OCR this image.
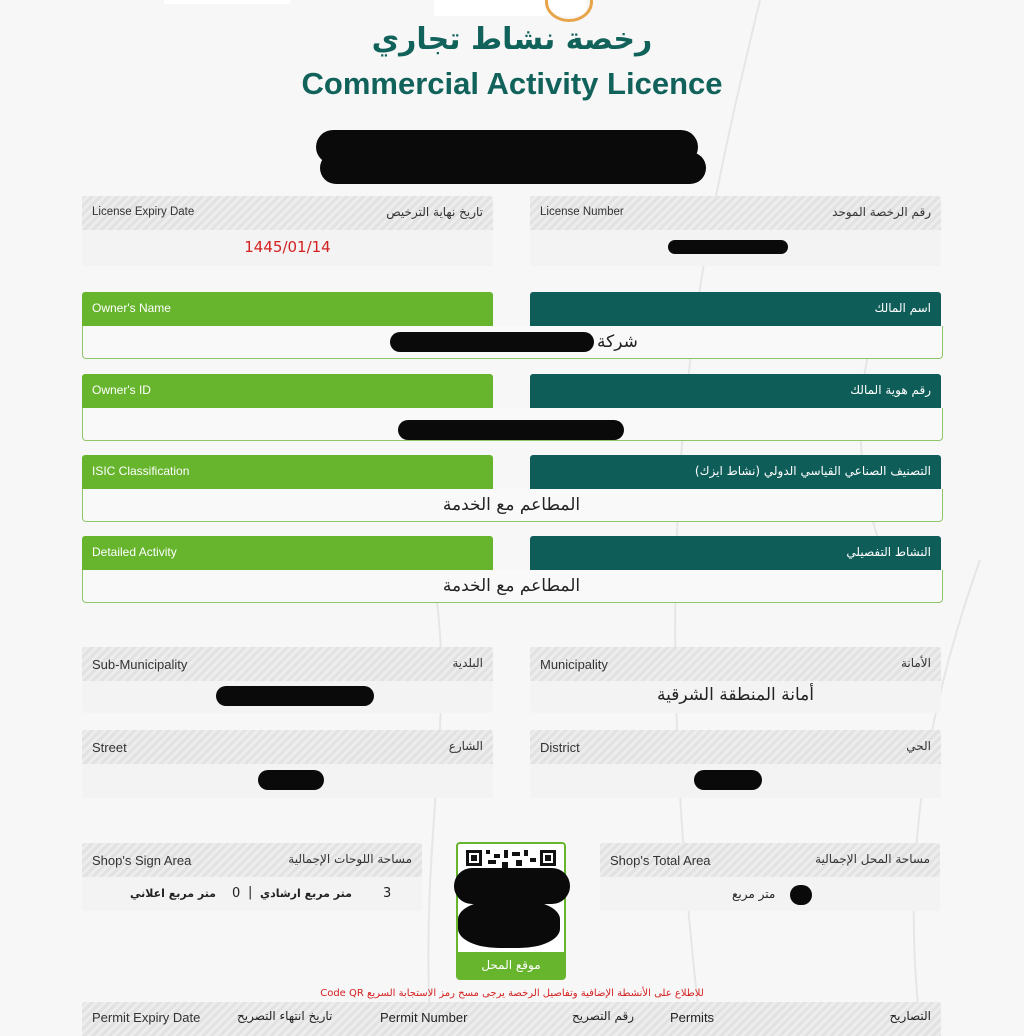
رخصة نشاط تجاري
Commercial Activity Licence
License Expiry Date	تاريخ نهاية الترخيص
1445/01/14
License Number	رقم الرخصة الموحد
Owner's Name	اسم المالك
شركة
Owner's ID	رقم هوية المالك
ISIC Classification	التصنيف الصناعي القياسي الدولي (نشاط ايزك)
المطاعم مع الخدمة
Detailed Activity	النشاط التفصيلي
المطاعم مع الخدمة
Sub-Municipality	البلدية	Municipality	الأمانة
أمانة المنطقة الشرقية
Street	الشارع	District	الحي
Shop's Sign Area	مساحة اللوحات الإجمالية
متر مربع اعلاني 0 | متر مربع ارشادي 3
موقع المحل
Shop's Total Area	مساحة المحل الإجمالية
متر مربع
للاطلاع على الأنشطة الإضافية وتفاصيل الرخصة يرجى مسح رمز الاستجابة السريع Code QR
Permit Expiry Date	تاريخ انتهاء التصريح	Permit Number	رقم التصريح	Permits	التصاريح
